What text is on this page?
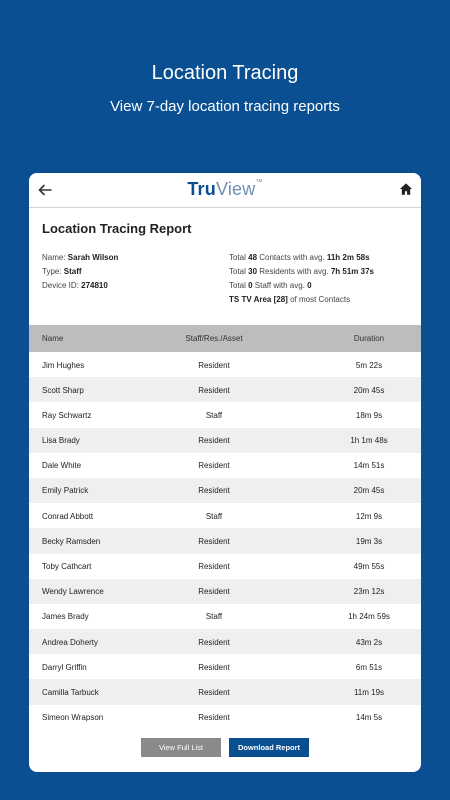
Location Tracing
View 7-day location tracing reports
TruView™
Location Tracing Report
Name: Sarah Wilson
Type: Staff
Device ID: 274810
Total 48 Contacts with avg. 11h 2m 58s
Total 30 Residents with avg. 7h 51m 37s
Total 0 Staff with avg. 0
TS TV Area [28] of most Contacts
Name	Staff/Res./Asset	Duration
Jim Hughes	Resident	5m 22s
Scott Sharp	Resident	20m 45s
Ray Schwartz	Staff	18m 9s
Lisa Brady	Resident	1h 1m 48s
Dale White	Resident	14m 51s
Emily Patrick	Resident	20m 45s
Conrad Abbott	Staff	12m 9s
Becky Ramsden	Resident	19m 3s
Toby Cathcart	Resident	49m 55s
Wendy Lawrence	Resident	23m 12s
James Brady	Staff	1h 24m 59s
Andrea Doherty	Resident	43m 2s
Darryl Griffin	Resident	6m 51s
Camilla Tarbuck	Resident	11m 19s
Simeon Wrapson	Resident	14m 5s
View Full List	Download Report
